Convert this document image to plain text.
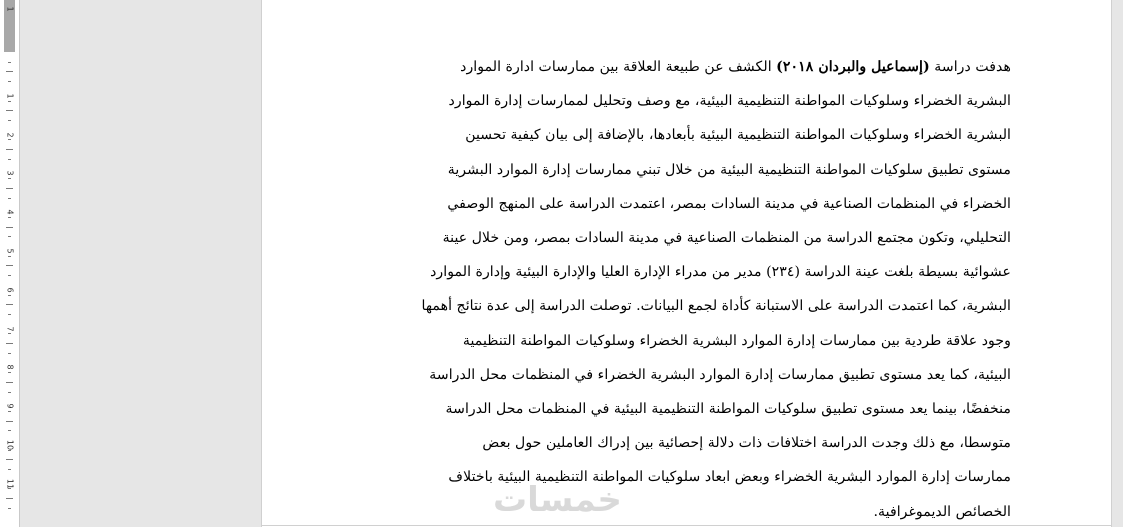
1
1
2
3
4
5
6
7
8
9
10
11
هدفت دراسة (إسماعيل والبردان ٢٠١٨) الكشف عن طبيعة العلاقة بين ممارسات ادارة الموارد
البشرية الخضراء وسلوكيات المواطنة التنظيمية البيئية، مع وصف وتحليل لممارسات إدارة الموارد
البشرية الخضراء وسلوكيات المواطنة التنظيمية البيئية بأبعادها، بالإضافة إلى بيان كيفية تحسين
مستوى تطبيق سلوكيات المواطنة التنظيمية البيئية من خلال تبني ممارسات إدارة الموارد البشرية
الخضراء في المنظمات الصناعية في مدينة السادات بمصر، اعتمدت الدراسة على المنهج الوصفي
التحليلي، وتكون مجتمع الدراسة من المنظمات الصناعية في مدينة السادات بمصر، ومن خلال عينة
عشوائية بسيطة بلغت عينة الدراسة (٢٣٤) مدير من مدراء الإدارة العليا والإدارة البيئية وإدارة الموارد
البشرية، كما اعتمدت الدراسة على الاستبانة كأداة لجمع البيانات. توصلت الدراسة إلى عدة نتائج أهمها
وجود علاقة طردية بين ممارسات إدارة الموارد البشرية الخضراء وسلوكيات المواطنة التنظيمية
البيئية، كما يعد مستوى تطبيق ممارسات إدارة الموارد البشرية الخضراء في المنظمات محل الدراسة
منخفضًا، بينما يعد مستوى تطبيق سلوكيات المواطنة التنظيمية البيئية في المنظمات محل الدراسة
متوسطا، مع ذلك وجدت الدراسة اختلافات ذات دلالة إحصائية بين إدراك العاملين حول بعض
ممارسات إدارة الموارد البشرية الخضراء وبعض ابعاد سلوكيات المواطنة التنظيمية البيئية باختلاف
الخصائص الديموغرافية.
خمسات
